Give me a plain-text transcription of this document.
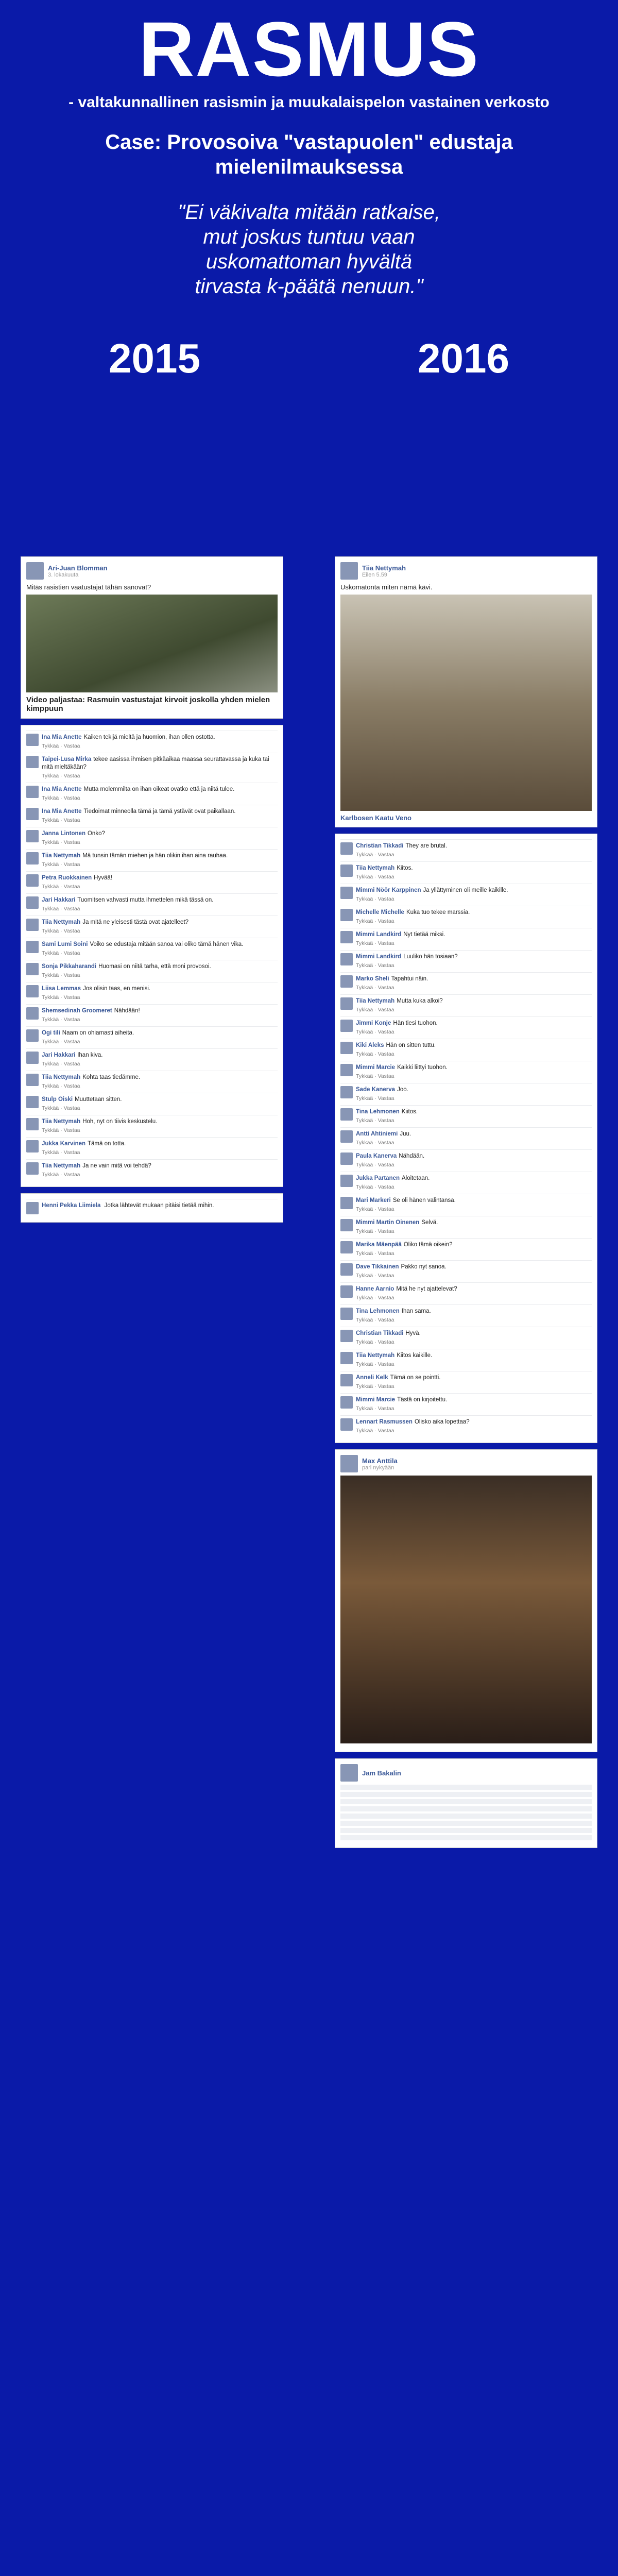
RASMUS
- valtakunnallinen rasismin ja muukalaispelon vastainen verkosto
Case: Provosoiva "vastapuolen" edustaja
mielenilmauksessa
"Ei väkivalta mitään ratkaise,
mut joskus tuntuu vaan
uskomattoman hyvältä
tirvasta k-päätä nenuun."
2015	2016
Ari-Juan Blomman
3. lokakuuta
Mitäs rasistien vaatustajat tähän sanovat?
Video paljastaa: Rasmuin vastustajat kirvoit joskolla yhden mielen kimppuun
Ina Mia Anette Kaiken tekijä mieltä ja huomion, ihan ollen ostotta.
Tykkää · Vastaa
Taipei-Lusa Mirka tekee aasissa ihmisen pitkäaikaa maassa seurattavassa ja kuka tai mitä mieltäkään?
Tykkää · Vastaa
Ina Mia Anette Mutta molemmilta on ihan oikeat ovatko että ja niitä tulee.
Tykkää · Vastaa
Ina Mia Anette Tiedoimat minneolla tämä ja tämä ystävät ovat paikallaan.
Tykkää · Vastaa
Janna Lintonen Onko?
Tykkää · Vastaa
Tiia Nettymah Mä tunsin tämän miehen ja hän olikin ihan aina rauhaa.
Tykkää · Vastaa
Petra Ruokkainen Hyvää!
Tykkää · Vastaa
Jari Hakkari Tuomitsen vahvasti mutta ihmettelen mikä tässä on.
Tykkää · Vastaa
Tiia Nettymah Ja mitä ne yleisesti tästä ovat ajatelleet?
Tykkää · Vastaa
Sami Lumi Soini Voiko se edustaja mitään sanoa vai oliko tämä hänen vika.
Tykkää · Vastaa
Sonja Pikkaharandi Huomasi on niitä tarha, että moni provosoi.
Tykkää · Vastaa
Liisa Lemmas Jos olisin taas, en menisi.
Tykkää · Vastaa
Shemsedinah Groomeret Nähdään!
Tykkää · Vastaa
Ogi tili Naam on ohiamasti aiheita.
Tykkää · Vastaa
Jari Hakkari Ihan kiva.
Tykkää · Vastaa
Tiia Nettymah Kohta taas tiedämme.
Tykkää · Vastaa
Stulp Oiski Muuttetaan sitten.
Tykkää · Vastaa
Tiia Nettymah Hoh, nyt on tiivis keskustelu.
Tykkää · Vastaa
Jukka Karvinen Tämä on totta.
Tykkää · Vastaa
Tiia Nettymah Ja ne vain mitä voi tehdä?
Tykkää · Vastaa
Henni Pekka Liimiela Jotka lähtevät mukaan pitäisi tietää mihin.
Tiia Nettymah
Eilen 5.59
Uskomatonta miten nämä kävi.
Karlbosen Kaatu Veno
Christian Tikkadi They are brutal.
Tykkää · Vastaa
Tiia Nettymah Kiitos.
Tykkää · Vastaa
Mimmi Nöör Karppinen Ja yllättyminen oli meille kaikille.
Tykkää · Vastaa
Michelle Michelle Kuka tuo tekee marssia.
Tykkää · Vastaa
Mimmi Landkird Nyt tietää miksi.
Tykkää · Vastaa
Mimmi Landkird Luuliko hän tosiaan?
Tykkää · Vastaa
Marko Sheli Tapahtui näin.
Tykkää · Vastaa
Tiia Nettymah Mutta kuka alkoi?
Tykkää · Vastaa
Jimmi Konje Hän tiesi tuohon.
Tykkää · Vastaa
Kiki Aleks Hän on sitten tuttu.
Tykkää · Vastaa
Mimmi Marcie Kaikki liittyi tuohon.
Tykkää · Vastaa
Sade Kanerva Joo.
Tykkää · Vastaa
Tina Lehmonen Kiitos.
Tykkää · Vastaa
Antti Ahtiniemi Juu.
Tykkää · Vastaa
Paula Kanerva Nähdään.
Tykkää · Vastaa
Jukka Partanen Aloitetaan.
Tykkää · Vastaa
Mari Markeri Se oli hänen valintansa.
Tykkää · Vastaa
Mimmi Martin Oinenen Selvä.
Tykkää · Vastaa
Marika Mäenpää Oliko tämä oikein?
Tykkää · Vastaa
Dave Tikkainen Pakko nyt sanoa.
Tykkää · Vastaa
Hanne Aarnio Mitä he nyt ajattelevat?
Tykkää · Vastaa
Tina Lehmonen Ihan sama.
Tykkää · Vastaa
Christian Tikkadi Hyvä.
Tykkää · Vastaa
Tiia Nettymah Kiitos kaikille.
Tykkää · Vastaa
Anneli Kelk Tämä on se pointti.
Tykkää · Vastaa
Mimmi Marcie Tästä on kirjoitettu.
Tykkää · Vastaa
Lennart Rasmussen Olisko aika lopettaa?
Tykkää · Vastaa
Max Anttila
pari nykyään
Jam Bakalin
